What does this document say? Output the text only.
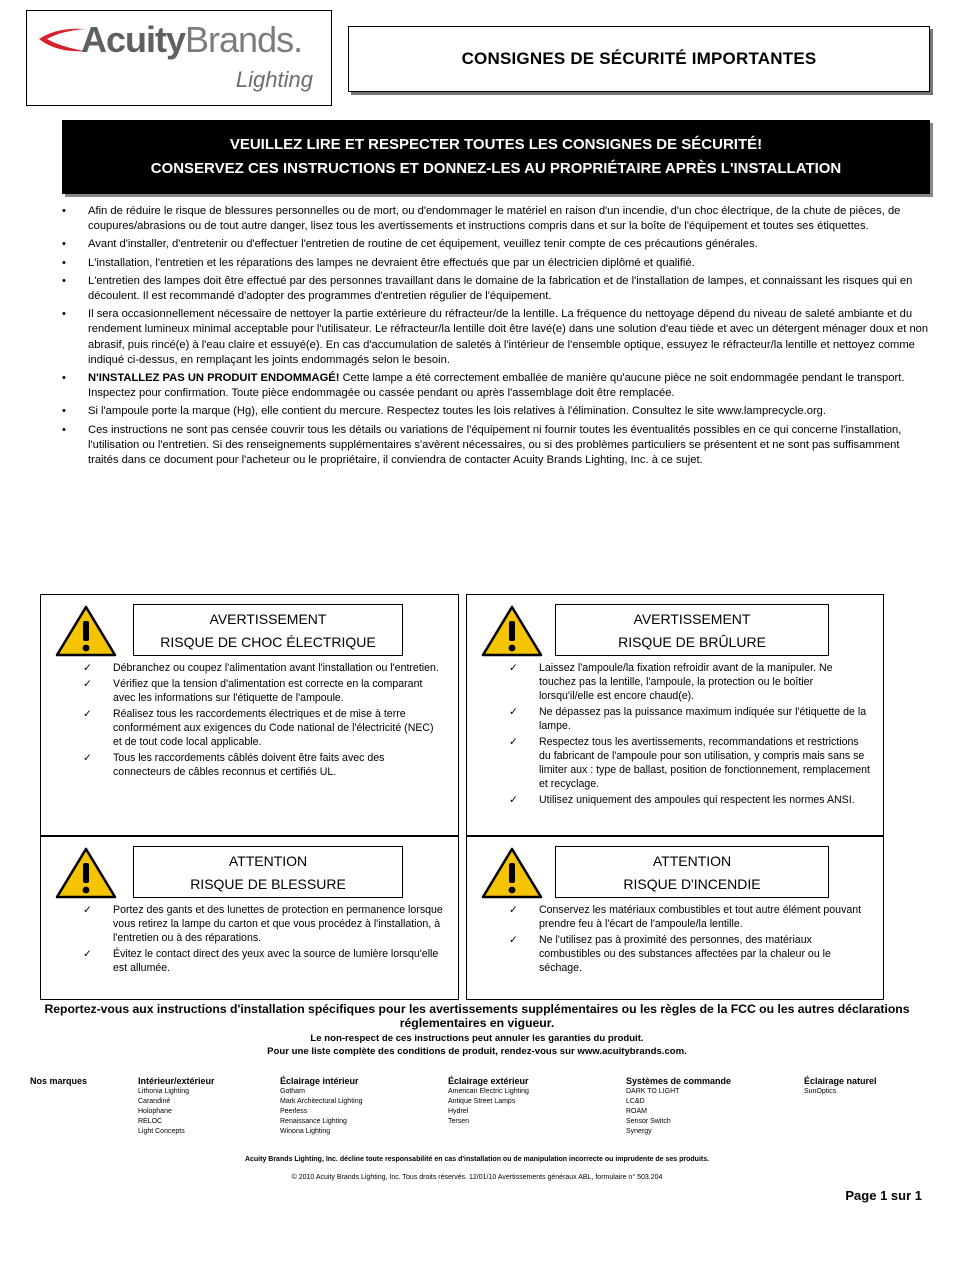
AcuityBrands.
Lighting
CONSIGNES DE SÉCURITÉ IMPORTANTES
VEUILLEZ LIRE ET RESPECTER TOUTES LES CONSIGNES DE SÉCURITÉ!
CONSERVEZ CES INSTRUCTIONS ET DONNEZ-LES AU PROPRIÉTAIRE APRÈS L'INSTALLATION
• Afin de réduire le risque de blessures personnelles ou de mort, ou d'endommager le matériel en raison d'un incendie, d'un choc électrique, de la chute de pièces, de coupures/abrasions ou de tout autre danger, lisez tous les avertissements et instructions compris dans et sur la boîte de l'équipement et toutes ses étiquettes.
• Avant d'installer, d'entretenir ou d'effectuer l'entretien de routine de cet équipement, veuillez tenir compte de ces précautions générales.
• L'installation, l'entretien et les réparations des lampes ne devraient être effectués que par un électricien diplômé et qualifié.
• L'entretien des lampes doit être effectué par des personnes travaillant dans le domaine de la fabrication et de l'installation de lampes, et connaissant les risques qui en découlent. Il est recommandé d'adopter des programmes d'entretien régulier de l'équipement.
• Il sera occasionnellement nécessaire de nettoyer la partie extérieure du réfracteur/de la lentille. La fréquence du nettoyage dépend du niveau de saleté ambiante et du rendement lumineux minimal acceptable pour l'utilisateur. Le réfracteur/la lentille doit être lavé(e) dans une solution d'eau tiède et avec un détergent ménager doux et non abrasif, puis rincé(e) à l'eau claire et essuyé(e). En cas d'accumulation de saletés à l'intérieur de l'ensemble optique, essuyez le réfracteur/la lentille et nettoyez comme indiqué ci-dessus, en remplaçant les joints endommagés selon le besoin.
• N'INSTALLEZ PAS UN PRODUIT ENDOMMAGÉ! Cette lampe a été correctement emballée de manière qu'aucune pièce ne soit endommagée pendant le transport. Inspectez pour confirmation. Toute pièce endommagée ou cassée pendant ou après l'assemblage doit être remplacée.
• Si l'ampoule porte la marque (Hg), elle contient du mercure. Respectez toutes les lois relatives à l'élimination. Consultez le site www.lamprecycle.org.
• Ces instructions ne sont pas censée couvrir tous les détails ou variations de l'équipement ni fournir toutes les éventualités possibles en ce qui concerne l'installation, l'utilisation ou l'entretien. Si des renseignements supplémentaires s'avèrent nécessaires, ou si des problèmes particuliers se présentent et ne sont pas suffisamment traités dans ce document pour l'acheteur ou le propriétaire, il conviendra de contacter Acuity Brands Lighting, Inc. à ce sujet.
AVERTISSEMENT
RISQUE DE CHOC ÉLECTRIQUE
✓ Débranchez ou coupez l'alimentation avant l'installation ou l'entretien.
✓ Vérifiez que la tension d'alimentation est correcte en la comparant avec les informations sur l'étiquette de l'ampoule.
✓ Réalisez tous les raccordements électriques et de mise à terre conformément aux exigences du Code national de l'électricité (NEC) et de tout code local applicable.
✓ Tous les raccordements câblés doivent être faits avec des connecteurs de câbles reconnus et certifiés UL.
AVERTISSEMENT
RISQUE DE BRÛLURE
✓ Laissez l'ampoule/la fixation refroidir avant de la manipuler. Ne touchez pas la lentille, l'ampoule, la protection ou le boîtier lorsqu'il/elle est encore chaud(e).
✓ Ne dépassez pas la puissance maximum indiquée sur l'étiquette de la lampe.
✓ Respectez tous les avertissements, recommandations et restrictions du fabricant de l'ampoule pour son utilisation, y compris mais sans se limiter aux : type de ballast, position de fonctionnement, remplacement et recyclage.
✓ Utilisez uniquement des ampoules qui respectent les normes ANSI.
ATTENTION
RISQUE DE BLESSURE
✓ Portez des gants et des lunettes de protection en permanence lorsque vous retirez la lampe du carton et que vous procédez à l'installation, à l'entretien ou à des réparations.
✓ Évitez le contact direct des yeux avec la source de lumière lorsqu'elle est allumée.
ATTENTION
RISQUE D'INCENDIE
✓ Conservez les matériaux combustibles et tout autre élément pouvant prendre feu à l'écart de l'ampoule/la lentille.
✓ Ne l'utilisez pas à proximité des personnes, des matériaux combustibles ou des substances affectées par la chaleur ou le séchage.
Reportez-vous aux instructions d'installation spécifiques pour les avertissements supplémentaires ou les règles de la FCC ou les autres déclarations réglementaires en vigueur.
Le non-respect de ces instructions peut annuler les garanties du produit.
Pour une liste complète des conditions de produit, rendez-vous sur www.acuitybrands.com.
Nos marques	Intérieur/extérieur
Lithonia Lighting
Carandiné
Holophane
RELOC
Light Concepts
Éclairage intérieur
Gotham
Mark Architectural Lighting
Peerless
Renaissance Lighting
Winona Lighting
Éclairage extérieur
American Electric Lighting
Antique Street Lamps
Hydrel
Tersen
Systèmes de commande
DARK TO LIGHT
LC&D
ROAM
Sensor Switch
Synergy
Éclairage naturel
SunOptics
Acuity Brands Lighting, Inc. décline toute responsabilité en cas d'installation ou de manipulation incorrecte ou imprudente de ses produits.
© 2010 Acuity Brands Lighting, Inc. Tous droits réservés. 12/01/10 Avertissements généraux ABL, formulaire n° 503.204
Page 1 sur 1
